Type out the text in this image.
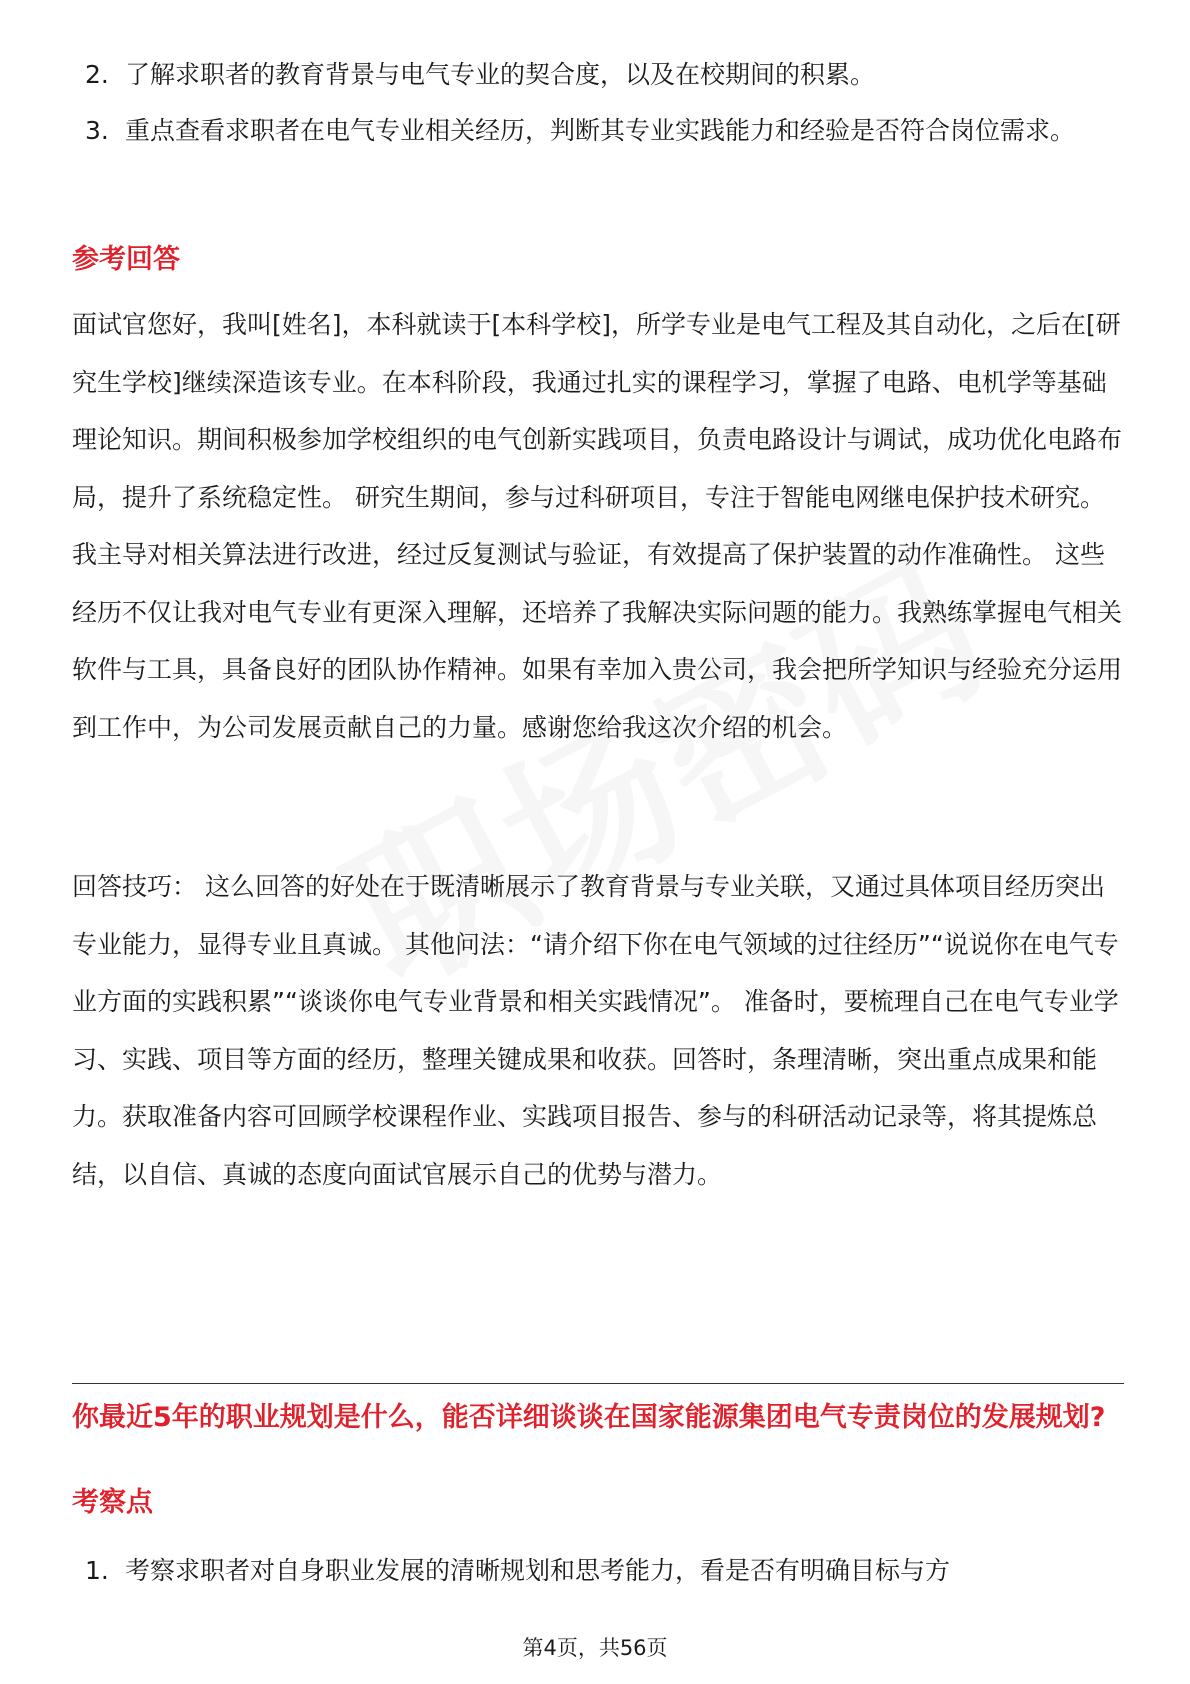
2. 了解求职者的教育背景与电气专业的契合度，以及在校期间的积累。
3. 重点查看求职者在电气专业相关经历，判断其专业实践能力和经验是否符合岗位需求。
参考回答
面试官您好，我叫[姓名]，本科就读于[本科学校]，所学专业是电气工程及其自动化，之后在[研究生学校]继续深造该专业。在本科阶段，我通过扎实的课程学习，掌握了电路、电机学等基础理论知识。期间积极参加学校组织的电气创新实践项目，负责电路设计与调试，成功优化电路布局，提升了系统稳定性。 研究生期间，参与过科研项目，专注于智能电网继电保护技术研究。我主导对相关算法进行改进，经过反复测试与验证，有效提高了保护装置的动作准确性。 这些经历不仅让我对电气专业有更深入理解，还培养了我解决实际问题的能力。我熟练掌握电气相关软件与工具，具备良好的团队协作精神。如果有幸加入贵公司，我会把所学知识与经验充分运用到工作中，为公司发展贡献自己的力量。感谢您给我这次介绍的机会。
回答技巧： 这么回答的好处在于既清晰展示了教育背景与专业关联，又通过具体项目经历突出专业能力，显得专业且真诚。 其他问法：“请介绍下你在电气领域的过往经历”“说说你在电气专业方面的实践积累”“谈谈你电气专业背景和相关实践情况”。 准备时，要梳理自己在电气专业学习、实践、项目等方面的经历，整理关键成果和收获。回答时，条理清晰，突出重点成果和能力。获取准备内容可回顾学校课程作业、实践项目报告、参与的科研活动记录等，将其提炼总结，以自信、真诚的态度向面试官展示自己的优势与潜力。
你最近5年的职业规划是什么，能否详细谈谈在国家能源集团电气专责岗位的发展规划?
考察点
1. 考察求职者对自身职业发展的清晰规划和思考能力，看是否有明确目标与方
第4页，共56页
